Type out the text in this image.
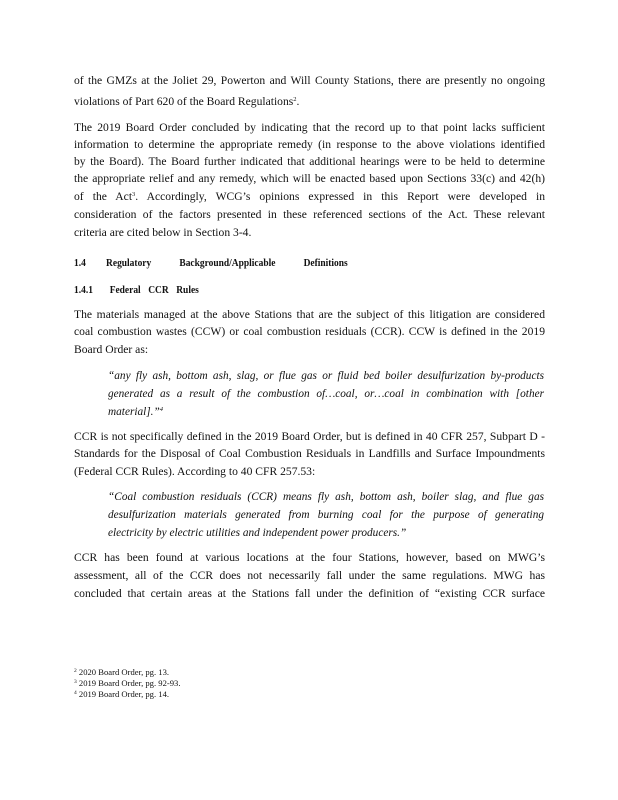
of the GMZs at the Joliet 29, Powerton and Will County Stations, there are presently no ongoing
violations of Part 620 of the Board Regulations$^2$.
The 2019 Board Order concluded by indicating that the record up to that point lacks sufficient
information to determine the appropriate remedy (in response to the above violations identified
by the Board). The Board further indicated that additional hearings were to be held to determine
the appropriate relief and any remedy, which will be enacted based upon Sections 33(c) and 42(h)
of the Act$^3$. Accordingly, WCG’s opinions expressed in this Report were developed in
consideration of the factors presented in these referenced sections of the Act. These relevant
criteria are cited below in Section 3-4.
1.4 Regulatory Background/Applicable Definitions
1.4.1 Federal CCR Rules
The materials managed at the above Stations that are the subject of this litigation are considered
coal combustion wastes (CCW) or coal combustion residuals (CCR). CCW is defined in the 2019
Board Order as:
“any fly ash, bottom ash, slag, or flue gas or fluid bed boiler desulfurization by-products
generated as a result of the combustion of…coal, or…coal in combination with [other
material].”$^4$
CCR is not specifically defined in the 2019 Board Order, but is defined in 40 CFR 257, Subpart D -
Standards for the Disposal of Coal Combustion Residuals in Landfills and Surface Impoundments
(Federal CCR Rules). According to 40 CFR 257.53:
“Coal combustion residuals (CCR) means fly ash, bottom ash, boiler slag, and flue gas
desulfurization materials generated from burning coal for the purpose of generating
electricity by electric utilities and independent power producers.”
CCR has been found at various locations at the four Stations, however, based on MWG’s
assessment, all of the CCR does not necessarily fall under the same regulations. MWG has
concluded that certain areas at the Stations fall under the definition of “existing CCR surface
$^2$ 2020 Board Order, pg. 13.
$^3$ 2019 Board Order, pg. 92-93.
$^4$ 2019 Board Order, pg. 14.
